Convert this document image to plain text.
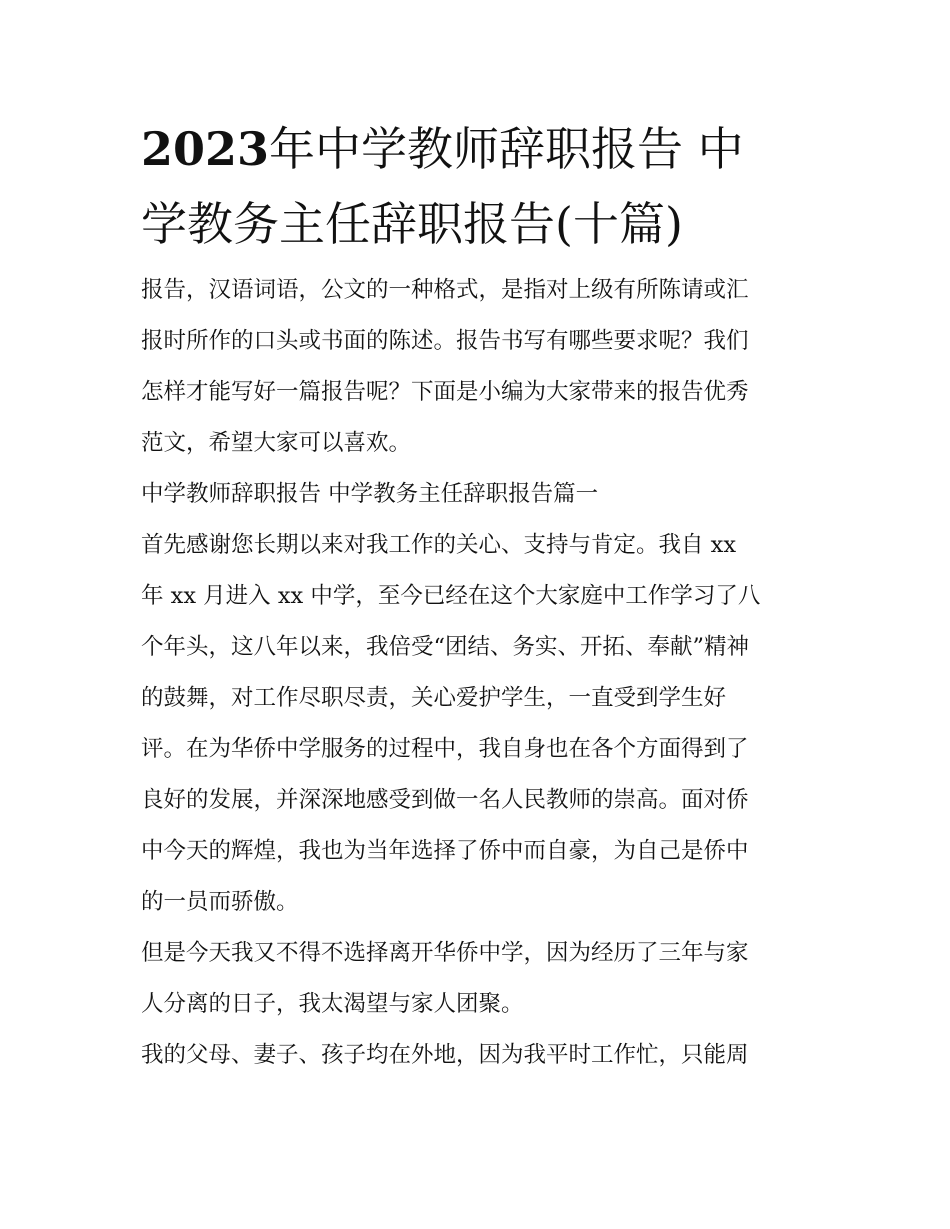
2023年中学教师辞职报告 中
学教务主任辞职报告(十篇)

报告，汉语词语，公文的一种格式，是指对上级有所陈请或汇

报时所作的口头或书面的陈述。报告书写有哪些要求呢？我们

怎样才能写好一篇报告呢？下面是小编为大家带来的报告优秀

范文，希望大家可以喜欢。

中学教师辞职报告 中学教务主任辞职报告篇一

首先感谢您长期以来对我工作的关心、支持与肯定。我自 xx

年 xx 月进入 xx 中学，至今已经在这个大家庭中工作学习了八

个年头，这八年以来，我倍受“团结、务实、开拓、奉献”精神

的鼓舞，对工作尽职尽责，关心爱护学生，一直受到学生好

评。在为华侨中学服务的过程中，我自身也在各个方面得到了

良好的发展，并深深地感受到做一名人民教师的崇高。面对侨

中今天的辉煌，我也为当年选择了侨中而自豪，为自己是侨中

的一员而骄傲。

但是今天我又不得不选择离开华侨中学，因为经历了三年与家

人分离的日子，我太渴望与家人团聚。

我的父母、妻子、孩子均在外地，因为我平时工作忙，只能周
